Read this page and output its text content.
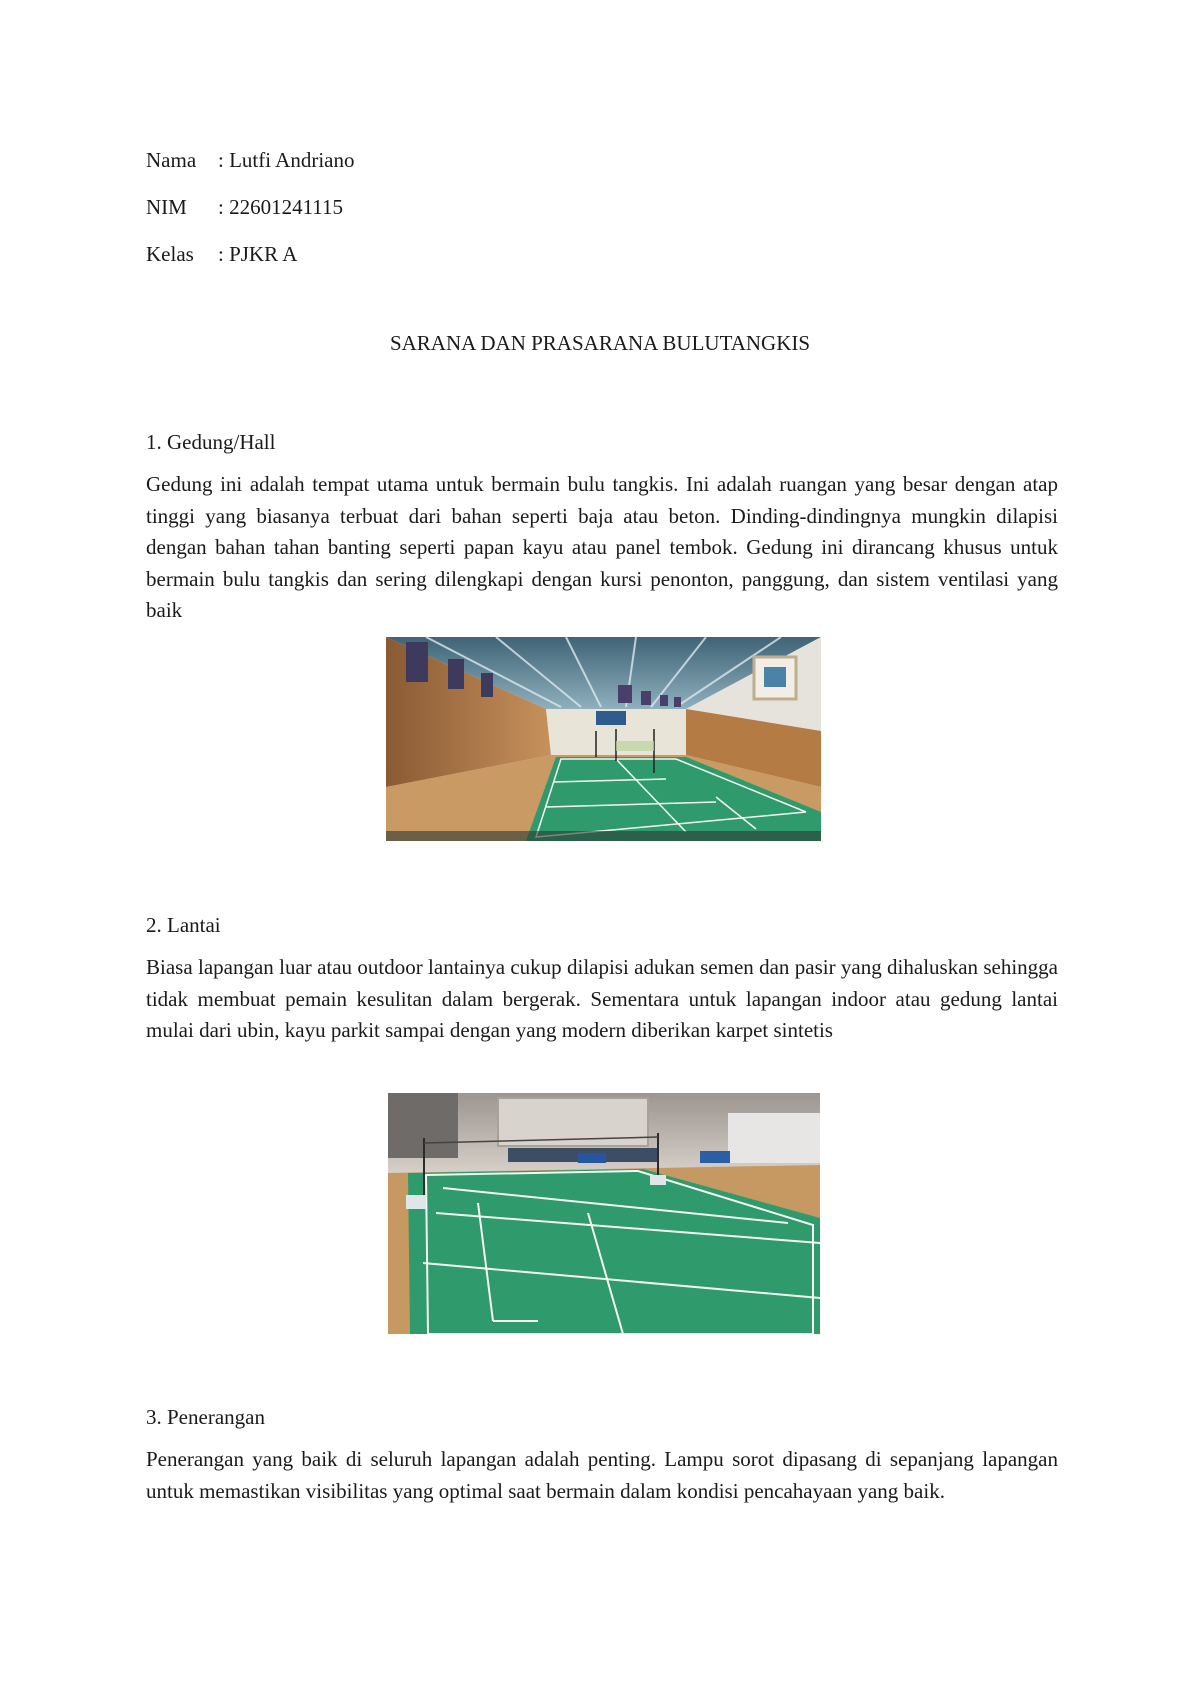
Nama : Lutfi Andriano
NIM : 22601241115
Kelas : PJKR A
SARANA DAN PRASARANA BULUTANGKIS
1. Gedung/Hall

Gedung ini adalah tempat utama untuk bermain bulu tangkis. Ini adalah ruangan yang besar dengan atap tinggi yang biasanya terbuat dari bahan seperti baja atau beton. Dinding-dindingnya mungkin dilapisi dengan bahan tahan banting seperti papan kayu atau panel tembok. Gedung ini dirancang khusus untuk bermain bulu tangkis dan sering dilengkapi dengan kursi penonton, panggung, dan sistem ventilasi yang baik

2. Lantai

Biasa lapangan luar atau outdoor lantainya cukup dilapisi adukan semen dan pasir yang dihaluskan sehingga tidak membuat pemain kesulitan dalam bergerak. Sementara untuk lapangan indoor atau gedung lantai mulai dari ubin, kayu parkit sampai dengan yang modern diberikan karpet sintetis

3. Penerangan

Penerangan yang baik di seluruh lapangan adalah penting. Lampu sorot dipasang di sepanjang lapangan untuk memastikan visibilitas yang optimal saat bermain dalam kondisi pencahayaan yang baik.
